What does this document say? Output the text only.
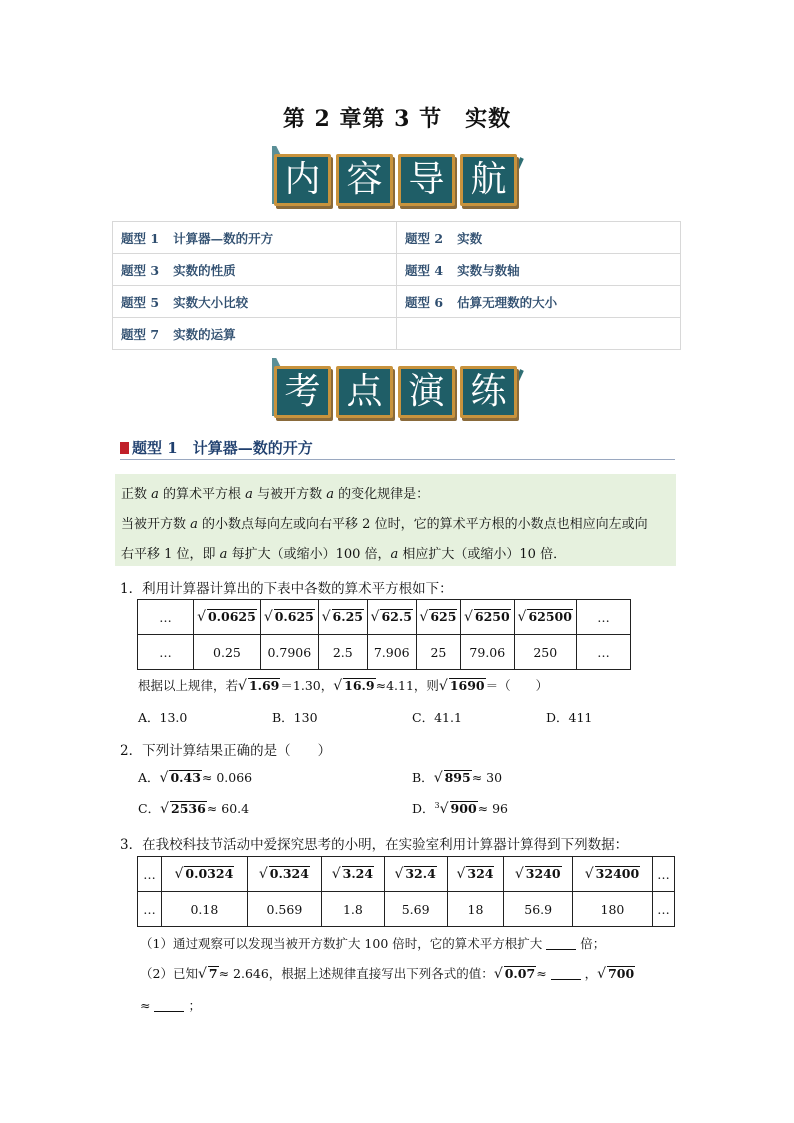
第 2 章第 3 节　实数
内 容 导 航
题型 1 计算器—数的开方	题型 2 实数
题型 3 实数的性质	题型 4 实数与数轴
题型 5 实数大小比较	题型 6 估算无理数的大小
题型 7 实数的运算	
考 点 演 练
题型 1　 计算器—数的开方

正数 a 的算术平方根 a 与被开方数 a 的变化规律是：

当被开方数 a 的小数点每向左或向右平移 2 位时，它的算术平方根的小数点也相应向左或向

右平移 1 位，即 a 每扩大（或缩小）100 倍，a 相应扩大（或缩小）10 倍．

1．利用计算器计算出的下表中各数的算术平方根如下：
…	√ 0.0625	√ 0.625	√ 6.25	√ 62.5	√ 625	√ 6250	√ 62500	…
…	0.25	0.7906	2.5	7.906	25	79.06	250	…
根据以上规律，若√ 1.69＝1.30，√ 16.9≈4.11，则√ 1690＝（　　）
A．13.0	B．130	C．41.1	D．411
2．下列计算结果正确的是（　　）
A．√ 0.43≈ 0.066	B．√ 895≈ 30
C．√ 2536≈ 60.4	D．$^3$√ 900≈ 96
3．在我校科技节活动中爱探究思考的小明，在实验室利用计算器计算得到下列数据：
…	√ 0.0324	√ 0.324	√ 3.24	√ 32.4	√ 324	√ 3240	√ 32400	…
…	0.18	0.569	1.8	5.69	18	56.9	180	…
（1）通过观察可以发现当被开方数扩大 100 倍时，它的算术平方根扩大	倍；
（2）已知√ 7≈ 2.646，根据上述规律直接写出下列各式的值：√ 0.07≈	，√ 700
≈	；
